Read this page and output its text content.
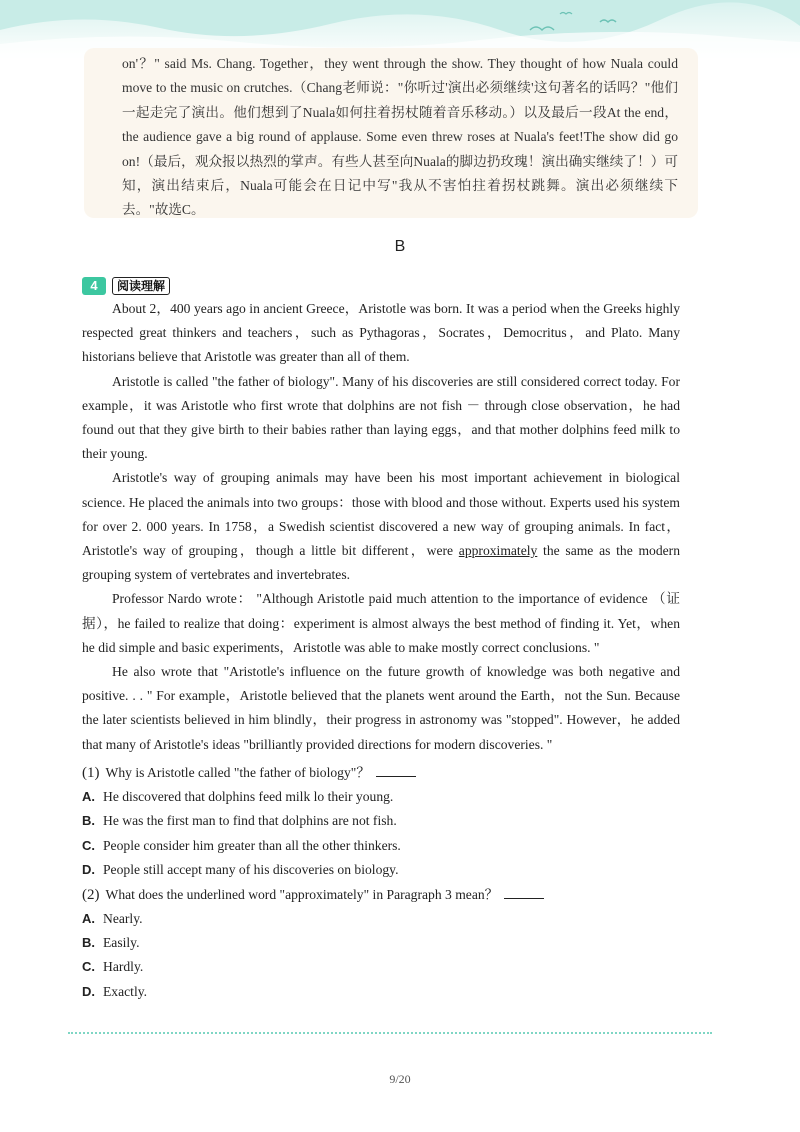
on'？" said Ms. Chang. Together，they went through the show. They thought of how Nuala could move to the music on crutches.（Chang老师说："你听过'演出必须继续'这句著名的话吗？"他们一起走完了演出。他们想到了Nuala如何拄着拐杖随着音乐移动。）以及最后一段At the end，the audience gave a big round of applause. Some even threw roses at Nuala's feet!The show did go on!（最后，观众报以热烈的掌声。有些人甚至向Nuala的脚边扔玫瑰！演出确实继续了！）可知，演出结束后，Nuala可能会在日记中写"我从不害怕拄着拐杖跳舞。演出必须继续下去。"故选C。
B
4	阅读理解

About 2，400 years ago in ancient Greece，Aristotle was born. It was a period when the Greeks highly respected great thinkers and teachers，such as Pythagoras，Socrates，Democritus，and Plato. Many historians believe that Aristotle was greater than all of them.

Aristotle is called "the father of biology". Many of his discoveries are still considered correct today. For example，it was Aristotle who first wrote that dolphins are not fish － through close observation，he had found out that they give birth to their babies rather than laying eggs，and that mother dolphins feed milk to their young.

Aristotle's way of grouping animals may have been his most important achievement in biological science. He placed the animals into two groups：those with blood and those without. Experts used his system for over 2. 000 years. In 1758，a Swedish scientist discovered a new way of grouping animals. In fact，Aristotle's way of grouping，though a little bit different，were approximately the same as the modern grouping system of vertebrates and invertebrates.

Professor Nardo wrote： "Although Aristotle paid much attention to the importance of evidence （证据），he failed to realize that doing：experiment is almost always the best method of finding it. Yet，when he did simple and basic experiments，Aristotle was able to make mostly correct conclusions. "

He also wrote that "Aristotle's influence on the future growth of knowledge was both negative and positive. . . " For example，Aristotle believed that the planets went around the Earth，not the Sun. Because the later scientists believed in him blindly，their progress in astronomy was "stopped". However，he added that many of Aristotle's ideas "brilliantly provided directions for modern discoveries. "

(1) Why is Aristotle called "the father of biology"？
A. He discovered that dolphins feed milk lo their young.
B. He was the first man to find that dolphins are not fish.
C. People consider him greater than all the other thinkers.
D. People still accept many of his discoveries on biology.
(2) What does the underlined word "approximately" in Paragraph 3 mean？
A. Nearly.
B. Easily.
C. Hardly.
D. Exactly.
9/20
